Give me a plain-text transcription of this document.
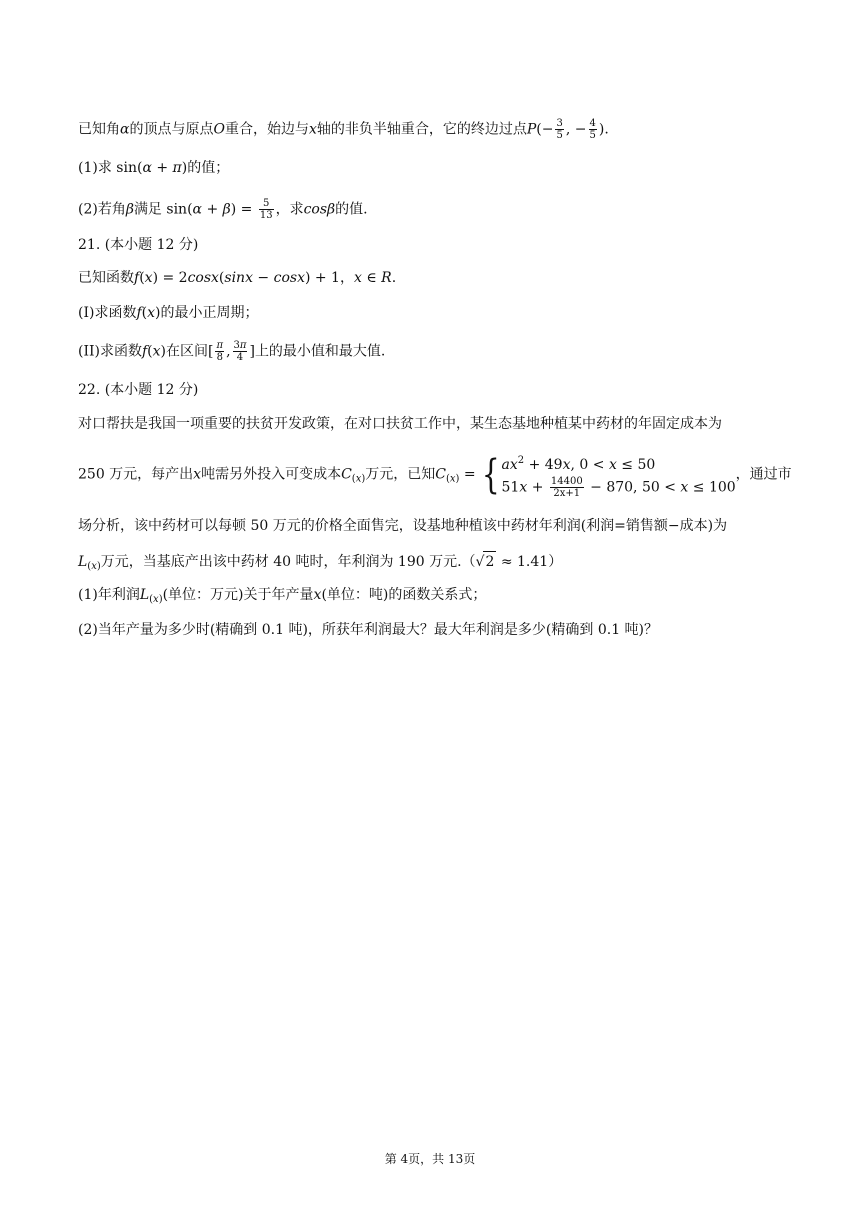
已知角α的顶点与原点O重合，始边与x轴的非负半轴重合，它的终边过点$P(- \frac{3}{5}$ , − $\frac{4}{5}$ ).
(1)求 sin(α + π)的值；
(2)若角β满足 $\sin(\alpha + \beta) = \frac{5}{13}$ ，求cosβ的值.
21. (本小题 12 分)
已知函数f(x) = 2cosx(sinx − cosx) + 1，x ∈ R.
(I)求函数f(x)的最小正周期；
(II)求函数f(x)在区间[ $\frac{\pi}{8}$ , $\frac{3\pi}{4}$ ]上的最小值和最大值.
22. (本小题 12 分)
对口帮扶是我国一项重要的扶贫开发政策，在对口扶贫工作中，某生态基地种植某中药材的年固定成本为
250 万元，每产出x吨需另外投入可变成本$C_{(x)}$万元，已知$C_{(x)}$ = { $ax^2 + 49x$, 0 < x ≤ 50
$51x + \frac{14400}{2x+1} - 870$, 50 < x ≤ 100
，通过市
场分析，该中药材可以每顿 50 万元的价格全面售完，设基地种植该中药材年利润(利润=销售额−成本)为
$L_{(x)}$万元，当基底产出该中药材 40 吨时，年利润为 190 万元.（√2 ≈ 1.41）
(1)年利润$L_{(x)}$(单位：万元)关于年产量x(单位：吨)的函数关系式；
(2)当年产量为多少时(精确到 0.1 吨)，所获年利润最大？最大年利润是多少(精确到 0.1 吨)？
第 4页，共 13页
